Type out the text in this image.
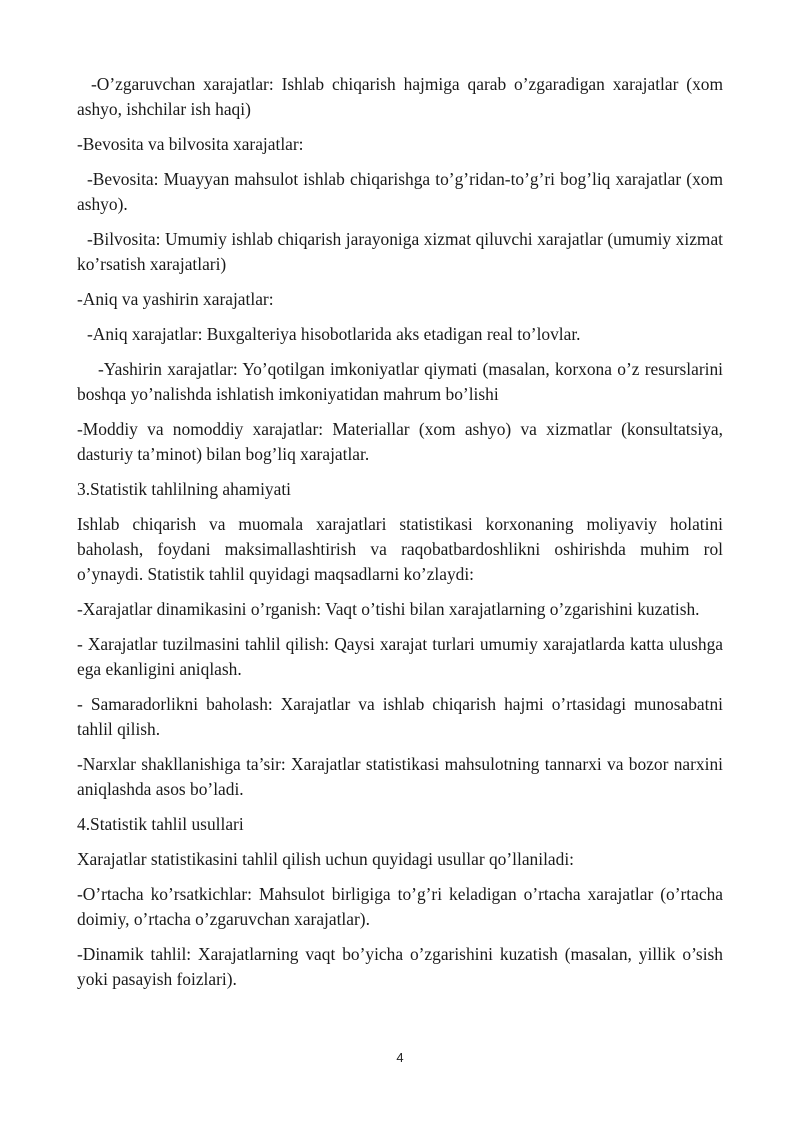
-O’zgaruvchan xarajatlar: Ishlab chiqarish hajmiga qarab o’zgaradigan xarajatlar (xom ashyo, ishchilar ish haqi)

-Bevosita va bilvosita xarajatlar:

-Bevosita: Muayyan mahsulot ishlab chiqarishga to’g’ridan-to’g’ri bog’liq xarajatlar (xom ashyo).

-Bilvosita: Umumiy ishlab chiqarish jarayoniga xizmat qiluvchi xarajatlar (umumiy xizmat ko’rsatish xarajatlari)

-Aniq va yashirin xarajatlar:

-Aniq xarajatlar: Buxgalteriya hisobotlarida aks etadigan real to’lovlar.

-Yashirin xarajatlar: Yo’qotilgan imkoniyatlar qiymati (masalan, korxona o’z resurslarini boshqa yo’nalishda ishlatish imkoniyatidan mahrum bo’lishi

-Moddiy va nomoddiy xarajatlar: Materiallar (xom ashyo) va xizmatlar (konsultatsiya, dasturiy ta’minot) bilan bog’liq xarajatlar.

3.Statistik tahlilning ahamiyati

Ishlab chiqarish va muomala xarajatlari statistikasi korxonaning moliyaviy holatini baholash, foydani maksimallashtirish va raqobatbardoshlikni oshirishda muhim rol o’ynaydi. Statistik tahlil quyidagi maqsadlarni ko’zlaydi:

-Xarajatlar dinamikasini o’rganish: Vaqt o’tishi bilan xarajatlarning o’zgarishini kuzatish.

- Xarajatlar tuzilmasini tahlil qilish: Qaysi xarajat turlari umumiy xarajatlarda katta ulushga ega ekanligini aniqlash.

- Samaradorlikni baholash: Xarajatlar va ishlab chiqarish hajmi o’rtasidagi munosabatni tahlil qilish.

-Narxlar shakllanishiga ta’sir: Xarajatlar statistikasi mahsulotning tannarxi va bozor narxini aniqlashda asos bo’ladi.

4.Statistik tahlil usullari

Xarajatlar statistikasini tahlil qilish uchun quyidagi usullar qo’llaniladi:

-O’rtacha ko’rsatkichlar: Mahsulot birligiga to’g’ri keladigan o’rtacha xarajatlar (o’rtacha doimiy, o’rtacha o’zgaruvchan xarajatlar).

-Dinamik tahlil: Xarajatlarning vaqt bo’yicha o’zgarishini kuzatish (masalan, yillik o’sish yoki pasayish foizlari).

4
